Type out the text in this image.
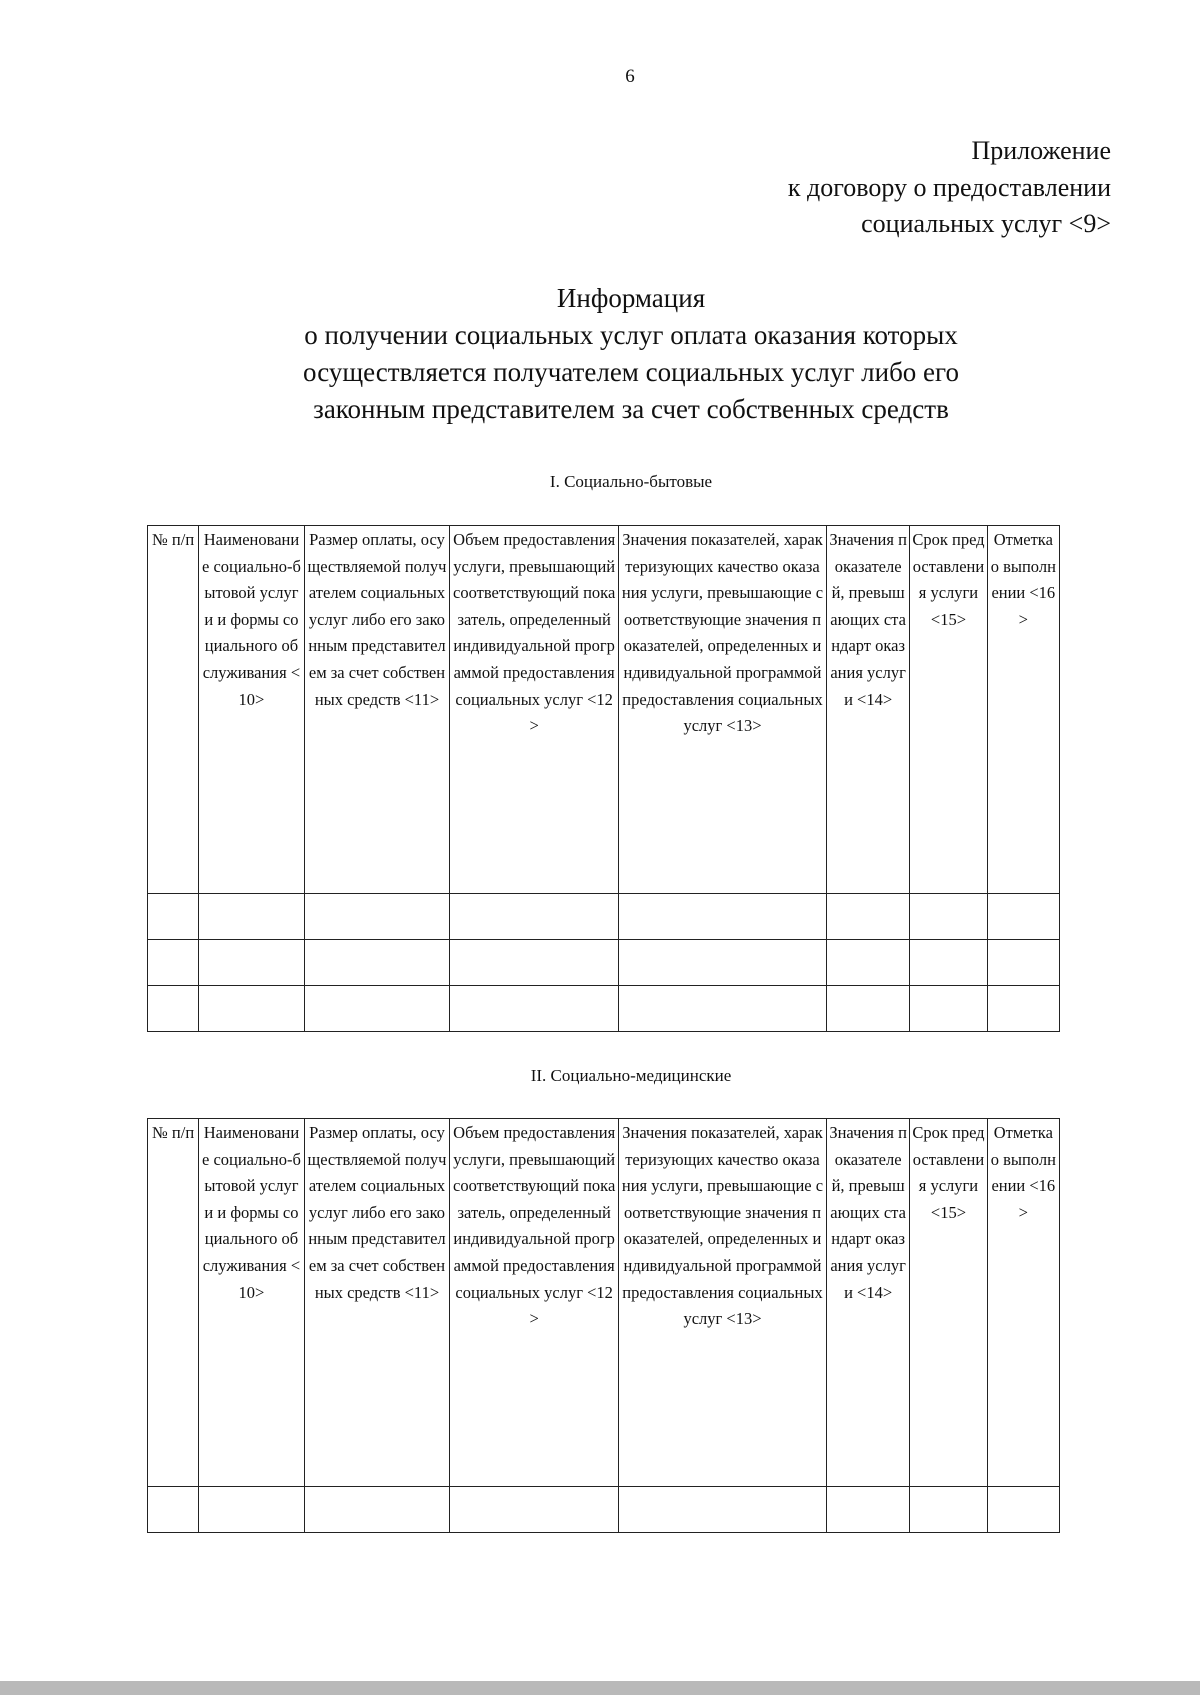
6
Приложение
к договору о предоставлении
социальных услуг <9>
Информация
о получении социальных услуг оплата оказания которых
осуществляется получателем социальных услуг либо его
законным представителем за счет собственных средств
I. Социально-бытовые
№ п/п	Наименование социально-бытовой услуги и формы социального обслуживания <10>	Размер оплаты, осуществляемой получателем социальных услуг либо его законным представителем за счет собственных средств <11>	Объем предоставления услуги, превышающий соответствующий показатель, определенный индивидуальной программой предоставления социальных услуг <12>	Значения показателей, характеризующих качество оказания услуги, превышающие соответствующие значения показателей, определенных индивидуальной программой предоставления социальных услуг <13>	Значения показателей, превышающих стандарт оказания услуги <14>	Срок предоставления услуги <15>	Отметка о выполнении <16>

II. Социально-медицинские
№ п/п	Наименование социально-бытовой услуги и формы социального обслуживания <10>	Размер оплаты, осуществляемой получателем социальных услуг либо его законным представителем за счет собственных средств <11>	Объем предоставления услуги, превышающий соответствующий показатель, определенный индивидуальной программой предоставления социальных услуг <12>	Значения показателей, характеризующих качество оказания услуги, превышающие соответствующие значения показателей, определенных индивидуальной программой предоставления социальных услуг <13>	Значения показателей, превышающих стандарт оказания услуги <14>	Срок предоставления услуги <15>	Отметка о выполнении <16>
